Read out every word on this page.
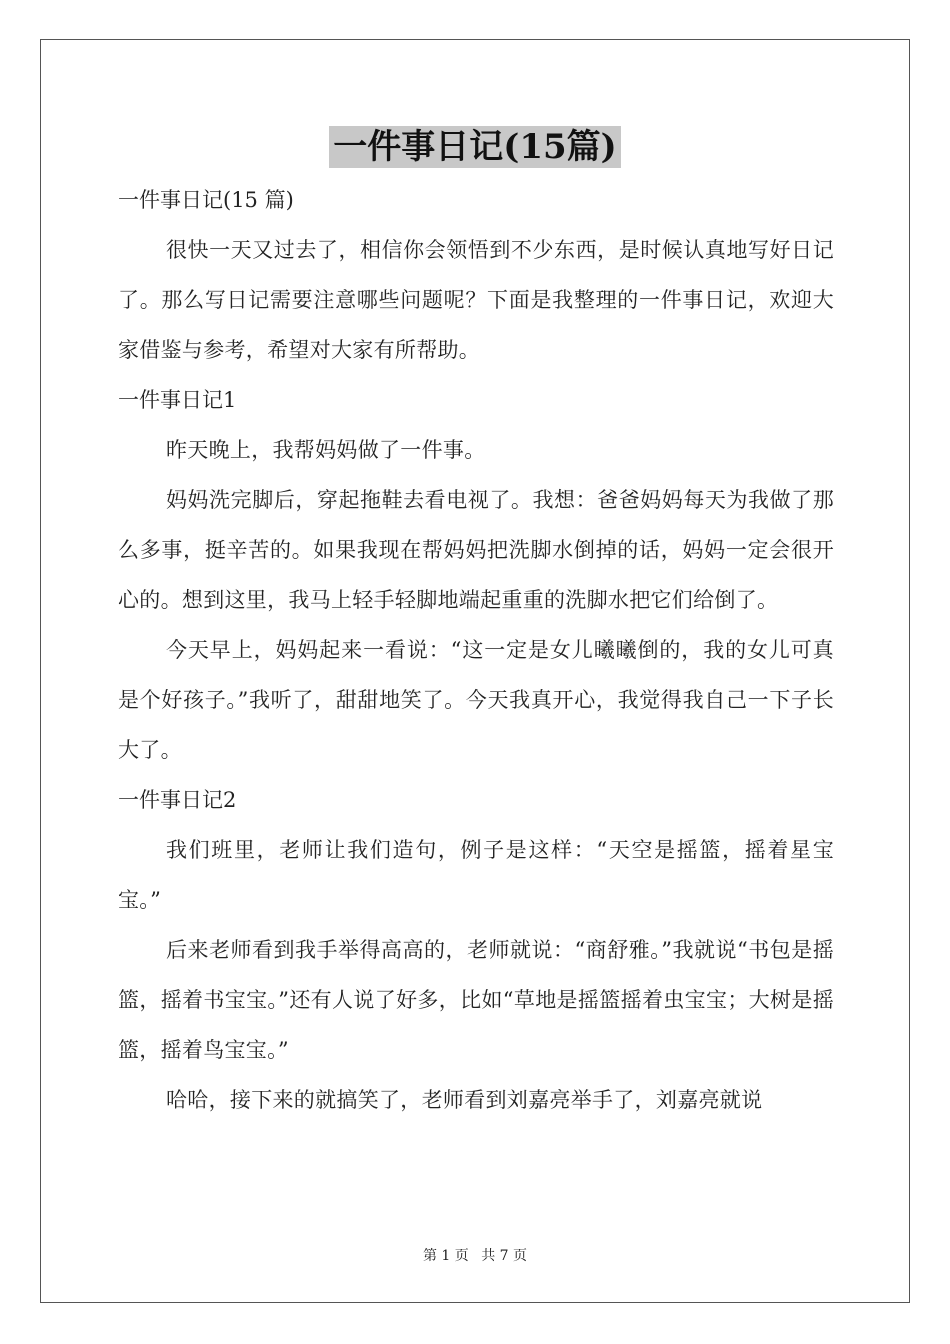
一件事日记(15篇)

一件事日记(15 篇)

很快一天又过去了，相信你会领悟到不少东西，是时候认真地写好日记了。那么写日记需要注意哪些问题呢？下面是我整理的一件事日记，欢迎大家借鉴与参考，希望对大家有所帮助。

一件事日记1

昨天晚上，我帮妈妈做了一件事。

妈妈洗完脚后，穿起拖鞋去看电视了。我想：爸爸妈妈每天为我做了那么多事，挺辛苦的。如果我现在帮妈妈把洗脚水倒掉的话，妈妈一定会很开心的。想到这里，我马上轻手轻脚地端起重重的洗脚水把它们给倒了。

今天早上，妈妈起来一看说：“这一定是女儿曦曦倒的，我的女儿可真是个好孩子。”我听了，甜甜地笑了。今天我真开心，我觉得我自己一下子长大了。

一件事日记2

我们班里，老师让我们造句，例子是这样：“天空是摇篮，摇着星宝宝。”

后来老师看到我手举得高高的，老师就说：“商舒雅。”我就说“书包是摇篮，摇着书宝宝。”还有人说了好多，比如“草地是摇篮摇着虫宝宝；大树是摇篮，摇着鸟宝宝。”

哈哈，接下来的就搞笑了，老师看到刘嘉亮举手了，刘嘉亮就说

第 1 页 共 7 页
